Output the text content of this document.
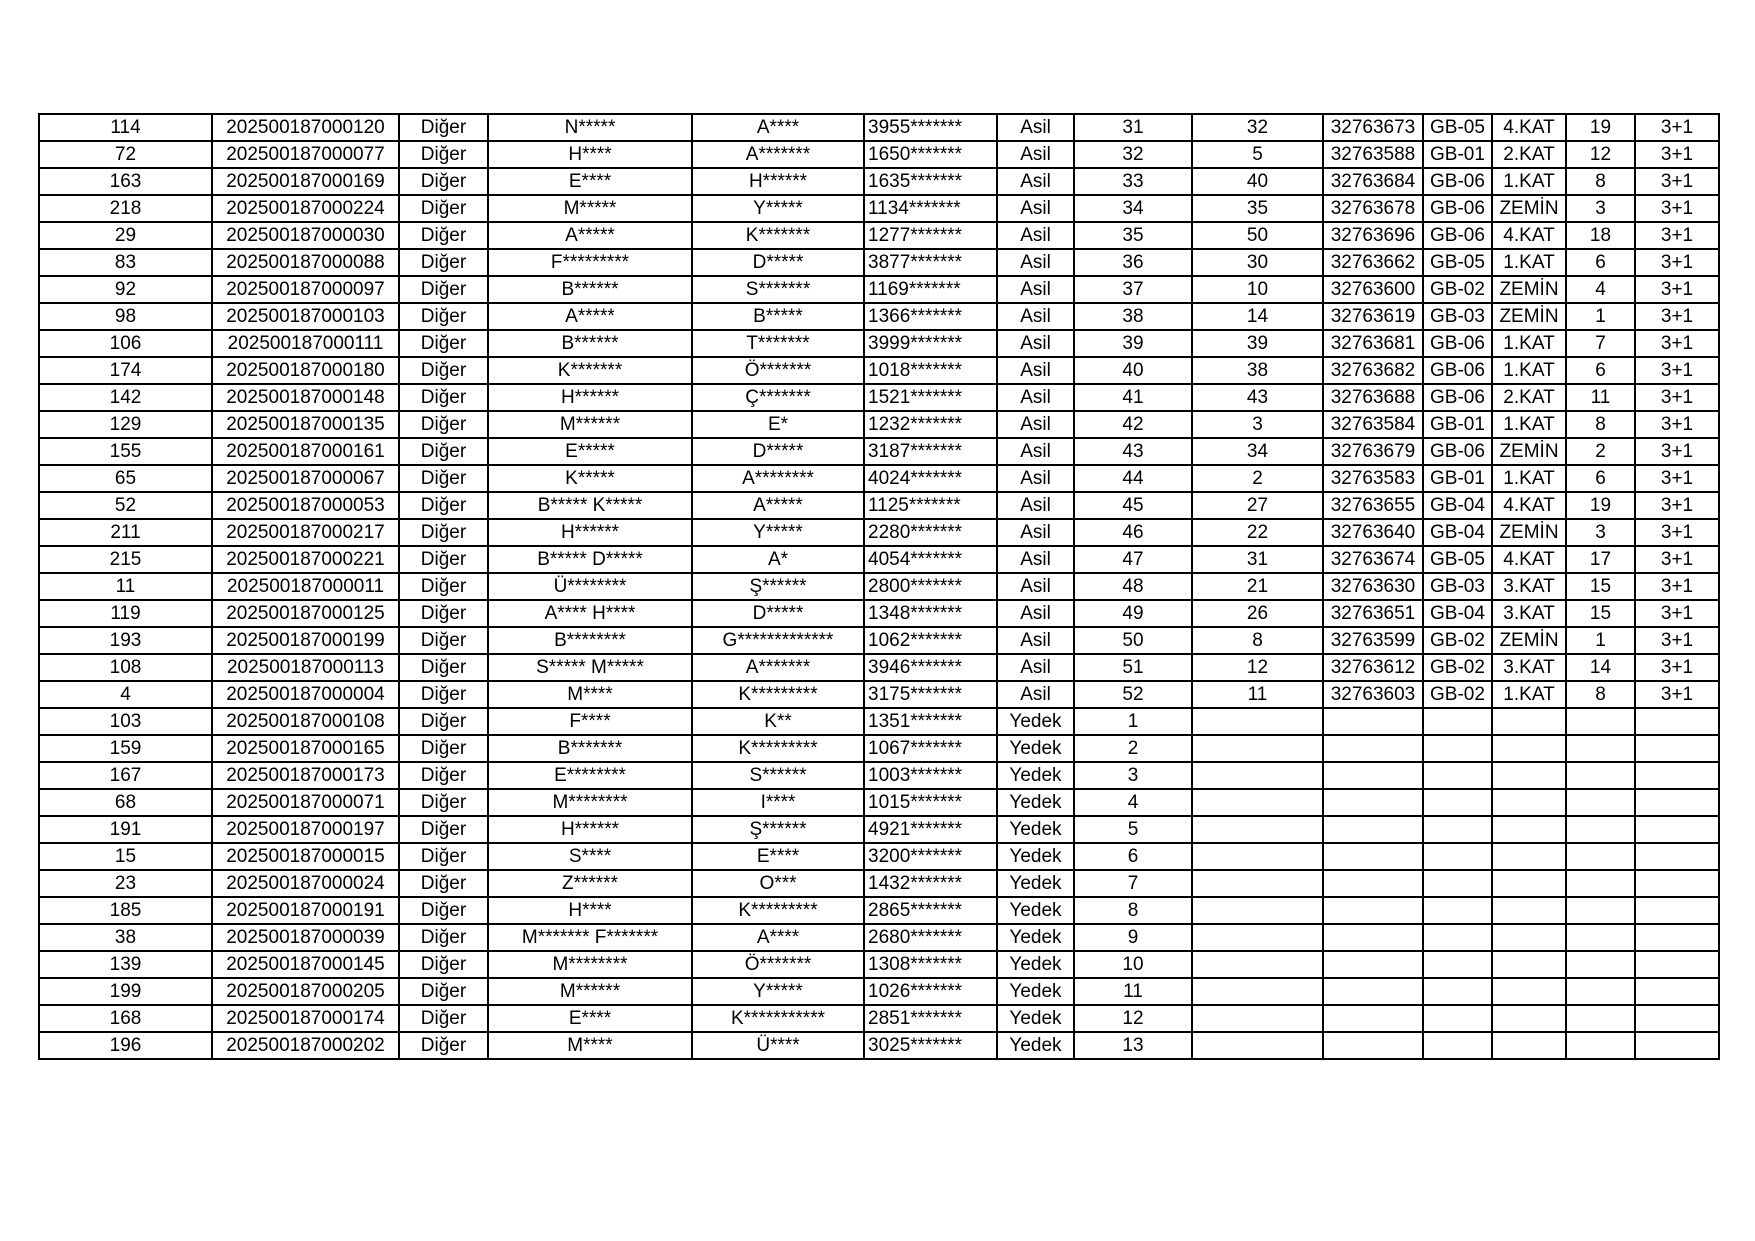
114	202500187000120	Diğer	N*****	A****	3955*******	Asil	31	32	32763673	GB-05	4.KAT	19	3+1
72	202500187000077	Diğer	H****	A*******	1650*******	Asil	32	5	32763588	GB-01	2.KAT	12	3+1
163	202500187000169	Diğer	E****	H******	1635*******	Asil	33	40	32763684	GB-06	1.KAT	8	3+1
218	202500187000224	Diğer	M*****	Y*****	1134*******	Asil	34	35	32763678	GB-06	ZEMİN	3	3+1
29	202500187000030	Diğer	A*****	K*******	1277*******	Asil	35	50	32763696	GB-06	4.KAT	18	3+1
83	202500187000088	Diğer	F*********	D*****	3877*******	Asil	36	30	32763662	GB-05	1.KAT	6	3+1
92	202500187000097	Diğer	B******	S*******	1169*******	Asil	37	10	32763600	GB-02	ZEMİN	4	3+1
98	202500187000103	Diğer	A*****	B*****	1366*******	Asil	38	14	32763619	GB-03	ZEMİN	1	3+1
106	202500187000111	Diğer	B******	T*******	3999*******	Asil	39	39	32763681	GB-06	1.KAT	7	3+1
174	202500187000180	Diğer	K*******	Ö*******	1018*******	Asil	40	38	32763682	GB-06	1.KAT	6	3+1
142	202500187000148	Diğer	H******	Ç*******	1521*******	Asil	41	43	32763688	GB-06	2.KAT	11	3+1
129	202500187000135	Diğer	M******	E*	1232*******	Asil	42	3	32763584	GB-01	1.KAT	8	3+1
155	202500187000161	Diğer	E*****	D*****	3187*******	Asil	43	34	32763679	GB-06	ZEMİN	2	3+1
65	202500187000067	Diğer	K*****	A********	4024*******	Asil	44	2	32763583	GB-01	1.KAT	6	3+1
52	202500187000053	Diğer	B***** K*****	A*****	1125*******	Asil	45	27	32763655	GB-04	4.KAT	19	3+1
211	202500187000217	Diğer	H******	Y*****	2280*******	Asil	46	22	32763640	GB-04	ZEMİN	3	3+1
215	202500187000221	Diğer	B***** D*****	A*	4054*******	Asil	47	31	32763674	GB-05	4.KAT	17	3+1
11	202500187000011	Diğer	Ü********	Ş******	2800*******	Asil	48	21	32763630	GB-03	3.KAT	15	3+1
119	202500187000125	Diğer	A**** H****	D*****	1348*******	Asil	49	26	32763651	GB-04	3.KAT	15	3+1
193	202500187000199	Diğer	B********	G*************	1062*******	Asil	50	8	32763599	GB-02	ZEMİN	1	3+1
108	202500187000113	Diğer	S***** M*****	A*******	3946*******	Asil	51	12	32763612	GB-02	3.KAT	14	3+1
4	202500187000004	Diğer	M****	K*********	3175*******	Asil	52	11	32763603	GB-02	1.KAT	8	3+1
103	202500187000108	Diğer	F****	K**	1351*******	Yedek	1						
159	202500187000165	Diğer	B*******	K*********	1067*******	Yedek	2						
167	202500187000173	Diğer	E********	S******	1003*******	Yedek	3						
68	202500187000071	Diğer	M********	I****	1015*******	Yedek	4						
191	202500187000197	Diğer	H******	Ş******	4921*******	Yedek	5						
15	202500187000015	Diğer	S****	E****	3200*******	Yedek	6						
23	202500187000024	Diğer	Z******	O***	1432*******	Yedek	7						
185	202500187000191	Diğer	H****	K*********	2865*******	Yedek	8						
38	202500187000039	Diğer	M******* F*******	A****	2680*******	Yedek	9						
139	202500187000145	Diğer	M********	Ö*******	1308*******	Yedek	10						
199	202500187000205	Diğer	M******	Y*****	1026*******	Yedek	11						
168	202500187000174	Diğer	E****	K***********	2851*******	Yedek	12						
196	202500187000202	Diğer	M****	Ü****	3025*******	Yedek	13						
